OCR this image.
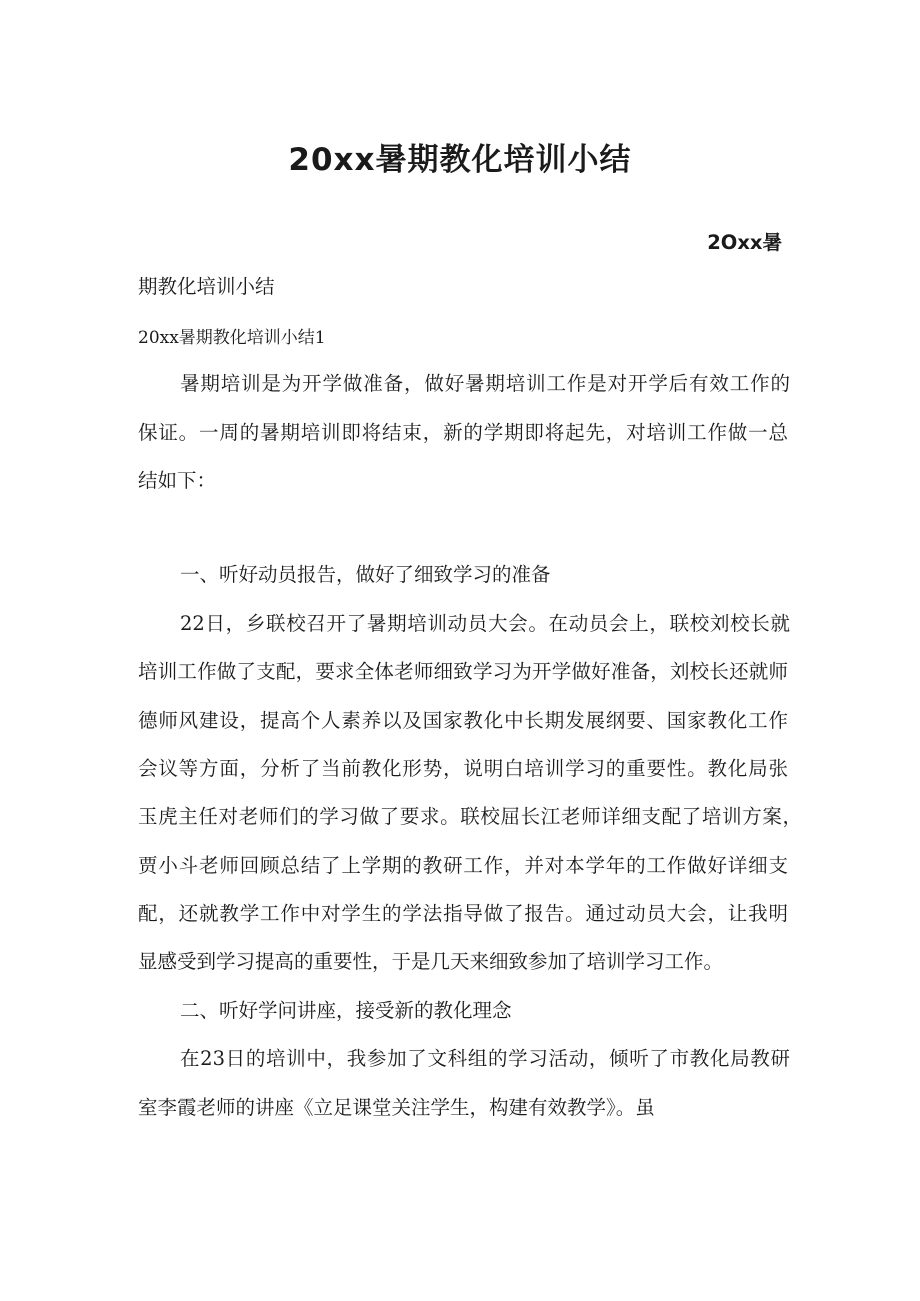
20xx暑期教化培训小结
2Oxx暑
期教化培训小结
20xx暑期教化培训小结1
暑期培训是为开学做准备，做好暑期培训工作是对开学后有效工作的
保证。一周的暑期培训即将结束，新的学期即将起先，对培训工作做一总
结如下：
一、听好动员报告，做好了细致学习的准备
22日，乡联校召开了暑期培训动员大会。在动员会上，联校刘校长就
培训工作做了支配，要求全体老师细致学习为开学做好准备，刘校长还就师
德师风建设，提高个人素养以及国家教化中长期发展纲要、国家教化工作
会议等方面，分析了当前教化形势，说明白培训学习的重要性。教化局张
玉虎主任对老师们的学习做了要求。联校屈长江老师详细支配了培训方案，
贾小斗老师回顾总结了上学期的教研工作，并对本学年的工作做好详细支
配，还就教学工作中对学生的学法指导做了报告。通过动员大会，让我明
显感受到学习提高的重要性，于是几天来细致参加了培训学习工作。
二、听好学问讲座，接受新的教化理念
在23日的培训中，我参加了文科组的学习活动，倾听了市教化局教研
室李霞老师的讲座《立足课堂关注学生，构建有效教学》。虽
